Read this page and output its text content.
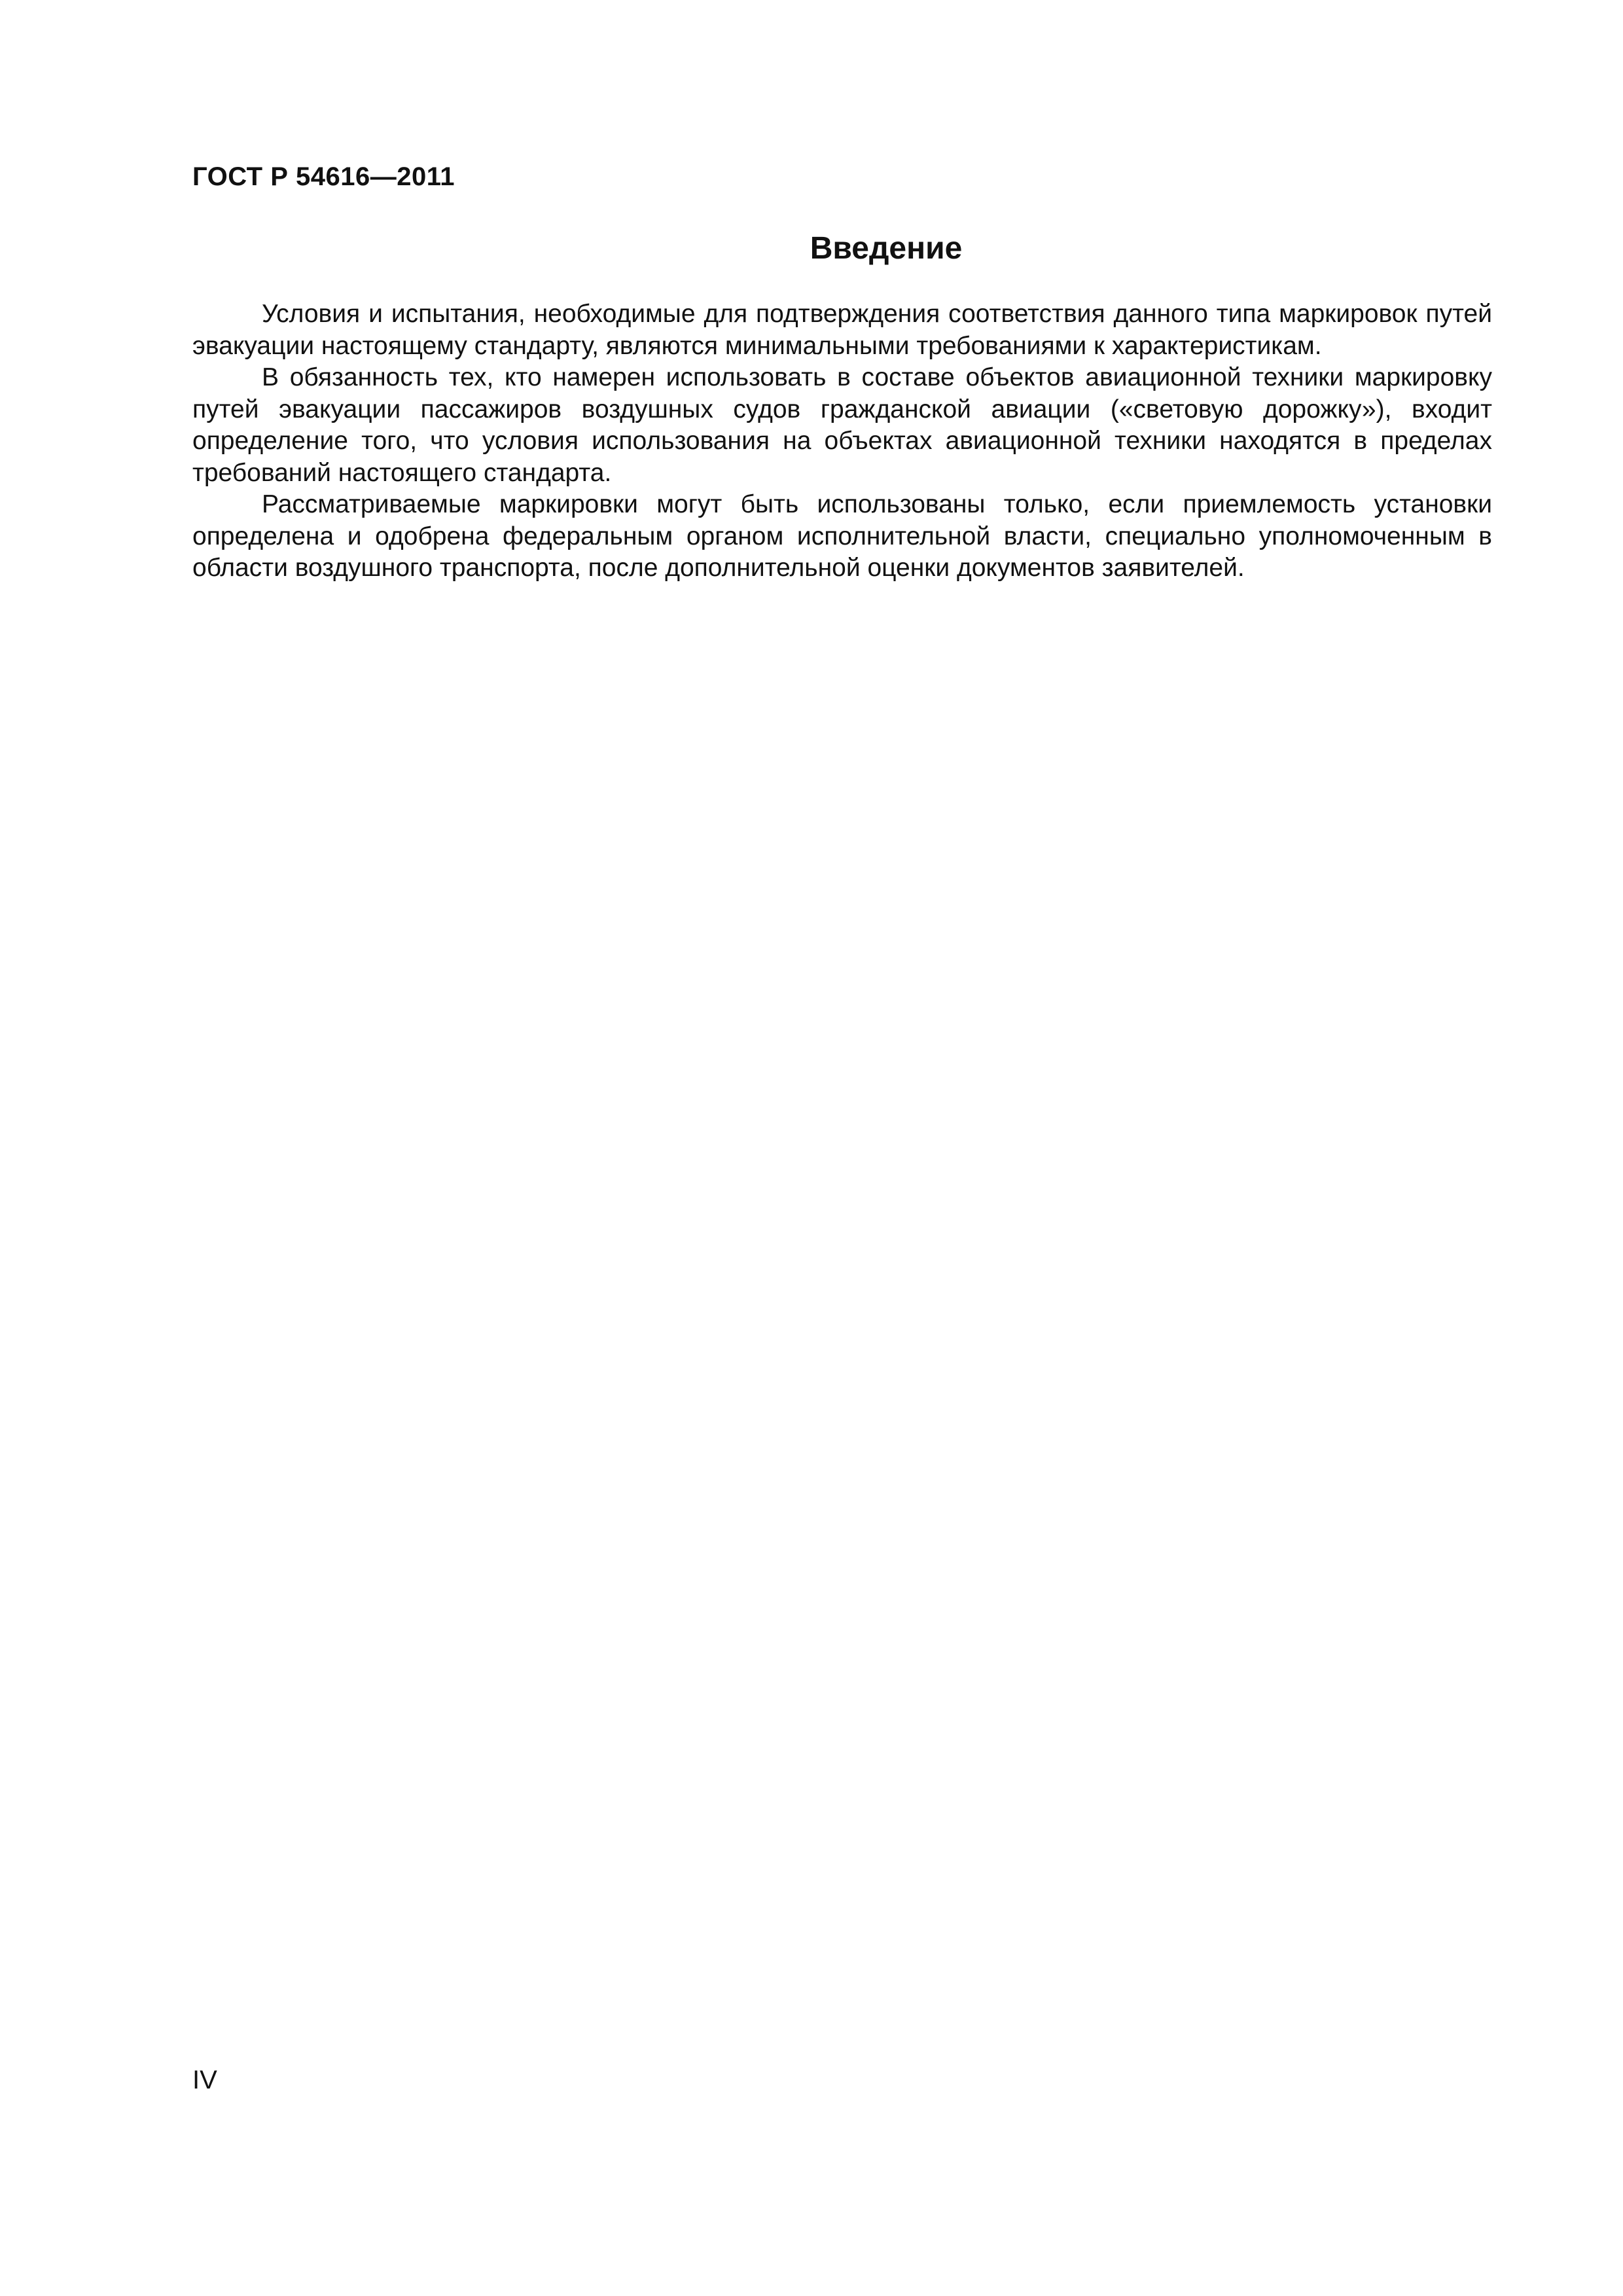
ГОСТ Р 54616—2011
Введение

Условия и испытания, необходимые для подтверждения соответствия данного типа маркировок путей эвакуации настоящему стандарту, являются минимальными требованиями к характеристикам.

В обязанность тех, кто намерен использовать в составе объектов авиационной техники маркировку путей эвакуации пассажиров воздушных судов гражданской авиации («световую дорожку»), входит определение того, что условия использования на объектах авиационной техники находятся в пределах требований настоящего стандарта.

Рассматриваемые маркировки могут быть использованы только, если приемлемость установки определена и одобрена федеральным органом исполнительной власти, специально уполномоченным в области воздушного транспорта, после дополнительной оценки документов заявителей.

IV
